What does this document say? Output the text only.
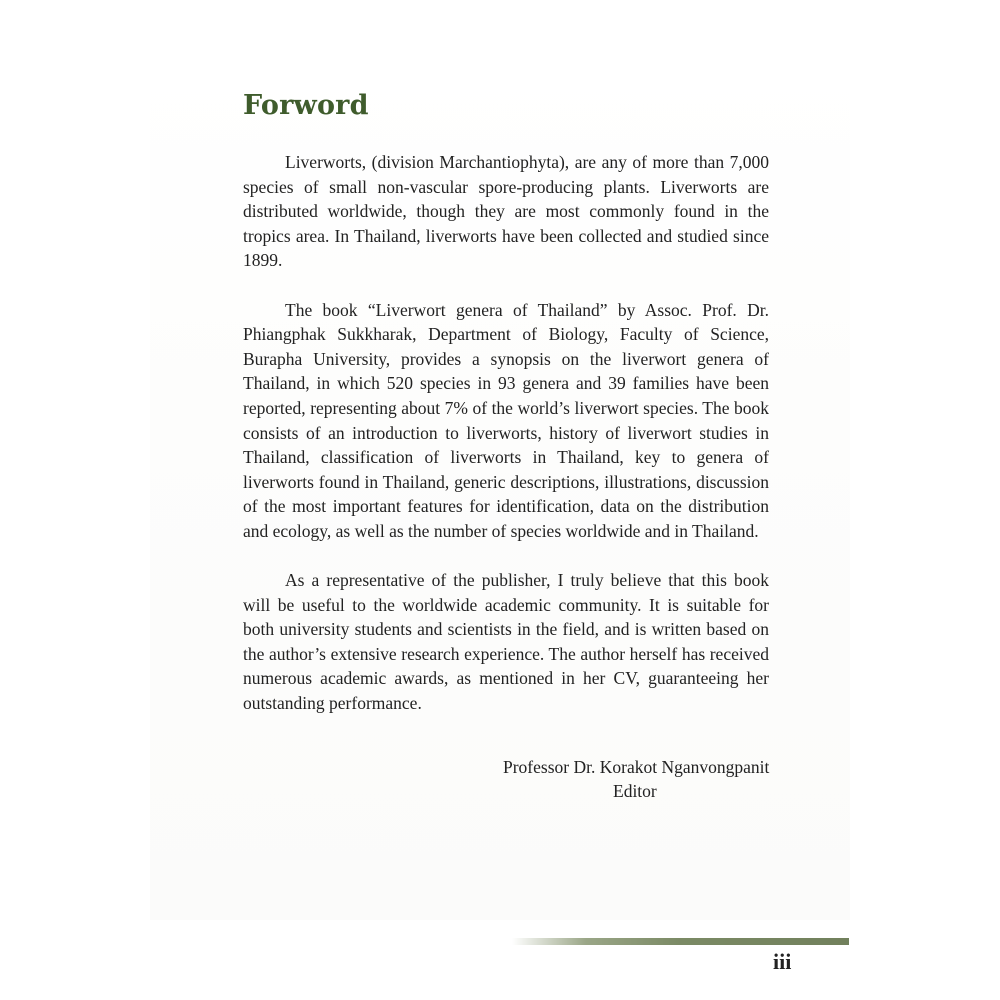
Forword

Liverworts, (division Marchantiophyta), are any of more than 7,000 species of small non-vascular spore-producing plants. Liverworts are distributed worldwide, though they are most commonly found in the tropics area. In Thailand, liverworts have been collected and studied since 1899.

The book “Liverwort genera of Thailand” by Assoc. Prof. Dr. Phiangphak Sukkharak, Department of Biology, Faculty of Science, Burapha University, provides a synopsis on the liverwort genera of Thailand, in which 520 species in 93 genera and 39 families have been reported, representing about 7% of the world’s liverwort species. The book consists of an introduction to liverworts, history of liverwort studies in Thailand, classification of liverworts in Thailand, key to genera of liverworts found in Thailand, generic descriptions, illustrations, discussion of the most important features for identification, data on the distribution and ecology, as well as the number of species worldwide and in Thailand.

As a representative of the publisher, I truly believe that this book will be useful to the worldwide academic community. It is suitable for both university students and scientists in the field, and is written based on the author’s extensive research experience. The author herself has received numerous academic awards, as mentioned in her CV, guaranteeing her outstanding performance.

Professor Dr. Korakot Nganvongpanit
Editor
iii
